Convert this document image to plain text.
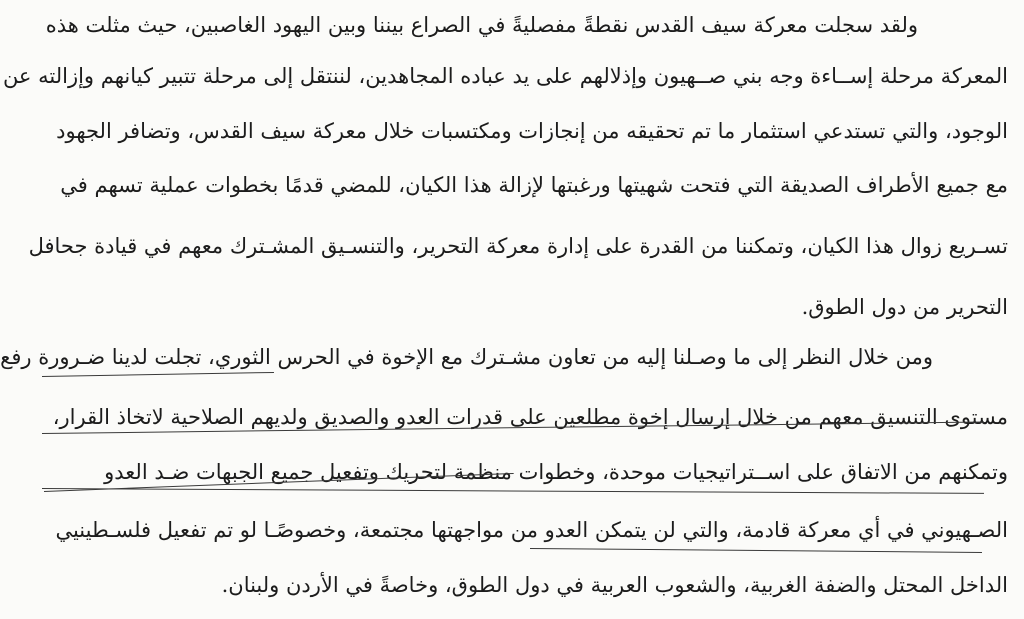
ولقد سجلت معركة سيف القدس نقطةً مفصليةً في الصراع بيننا وبين اليهود الغاصبين، حيث مثلت هذه

المعركة مرحلة إســاءة وجه بني صــهيون وإذلالهم على يد عباده المجاهدين، لننتقل إلى مرحلة تتبير كيانهم وإزالته عن

الوجود، والتي تستدعي استثمار ما تم تحقيقه من إنجازات ومكتسبات خلال معركة سيف القدس، وتضافر الجهود

مع جميع الأطراف الصديقة التي فتحت شهيتها ورغبتها لإزالة هذا الكيان، للمضي قدمًا بخطوات عملية تسهم في

تسـريع زوال هذا الكيان، وتمكننا من القدرة على إدارة معركة التحرير، والتنسـيق المشـترك معهم في قيادة جحافل

التحرير من دول الطوق.

ومن خلال النظر إلى ما وصـلنا إليه من تعاون مشـترك مع الإخوة في الحرس الثوري، تجلت لدينا ضـرورة رفع

مستوى التنسيق معهم من خلال إرسال إخوة مطلعين على قدرات العدو والصديق ولديهم الصلاحية لاتخاذ القرار،

وتمكنهم من الاتفاق على اســتراتيجيات موحدة، وخطوات منظمة لتحريك وتفعيل جميع الجبهات ضـد العدو

الصـهيوني في أي معركة قادمة، والتي لن يتمكن العدو من مواجهتها مجتمعة، وخصوصًـا لو تم تفعيل فلسـطينيي

الداخل المحتل والضفة الغربية، والشعوب العربية في دول الطوق، وخاصةً في الأردن ولبنان.
